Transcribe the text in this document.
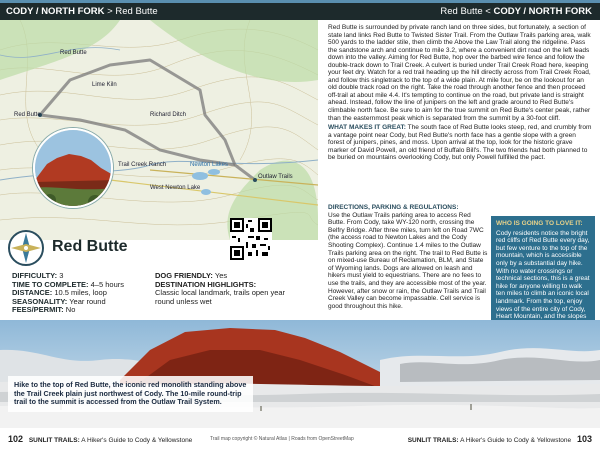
CODY / NORTH FORK > Red Butte	Red Butte < CODY / NORTH FORK
Red Butte	Richard Ditch
Trail Creek Ranch	Newton Lakes
West Newton Lake
Outlaw Trails
Lime Kiln
Red Butte
Red Butte
DIFFICULTY: 3
TIME TO COMPLETE: 4–5 hours
DISTANCE: 10.5 miles, loop
SEASONALITY: Year round
FEES/PERMIT: No
DOG FRIENDLY: Yes
DESTINATION HIGHLIGHTS:
Classic local landmark, trails open year round unless wet

Red Butte is surrounded by private ranch land on three sides, but fortunately, a section of state land links Red Butte to Twisted Sister Trail. From the Outlaw Trails parking area, walk 500 yards to the ladder stile, then climb the Above the Law Trail along the ridgeline. Pass the sandstone arch and continue to mile 3.2, where a convenient dirt road on the left leads down into the valley. Aiming for Red Butte, hop over the barbed wire fence and follow the double-track down to Trail Creek. A culvert is buried under Trail Creek Road here, keeping your feet dry. Watch for a red trail heading up the hill directly across from Trail Creek Road, and follow this singletrack to the top of a wide plain. At mile four, be on the lookout for an old double track road on the right. Take the road through another fence and then proceed off-trail at about mile 4.4. It's tempting to continue on the road, but private land is straight ahead. Instead, follow the line of junipers on the left and grade around to Red Butte's climbable north face. Be sure to aim for the true summit on Red Butte's center peak, rather than the easternmost peak which is separated from the summit by a 30-foot cliff.

WHAT MAKES IT GREAT: The south face of Red Butte looks steep, red, and crumbly from a vantage point near Cody, but Red Butte's north face has a gentle slope with a green forest of junipers, pines, and moss. Upon arrival at the top, look for the historic grave marker of David Powell, an old friend of Buffalo Bill's. The two friends had both planned to be buried on mountains overlooking Cody, but only Powell fulfilled the pact.

DIRECTIONS, PARKING & REGULATIONS:
Use the Outlaw Trails parking area to access Red Butte. From Cody, take WY-120 north, crossing the Belfry Bridge. After three miles, turn left on Road 7WC (the access road to Newton Lakes and the Cody Shooting Complex). Continue 1.4 miles to the Outlaw Trails parking area on the right. The trail to Red Butte is on mixed-use Bureau of Reclamation, BLM, and State of Wyoming lands. Dogs are allowed on leash and hikers must yield to equestrians. There are no fees to use the trails, and they are accessible most of the year. However, after snow or rain, the Outlaw Trails and Trail Creek Valley can become impassable. Cell service is good throughout this hike.
WHO IS GOING TO LOVE IT:
Cody residents notice the bright red cliffs of Red Butte every day, but few venture to the top of the mountain, which is accessible only by a substantial day hike. With no water crossings or technical sections, this is a great hike for anyone willing to walk ten miles to climb an iconic local landmark. From the top, enjoy views of the entire city of Cody, Heart Mountain, and the slopes
Hike to the top of Red Butte, the iconic red monolith standing above the Trail Creek plain just northwest of Cody. The 10-mile round-trip trail to the summit is accessed from the Outlaw Trail System.
102 SUNLIT TRAILS: A Hiker's Guide to Cody & Yellowstone	Trail map copyright © Natural Atlas | Roads from OpenStreetMap	SUNLIT TRAILS: A Hiker's Guide to Cody & Yellowstone 103
